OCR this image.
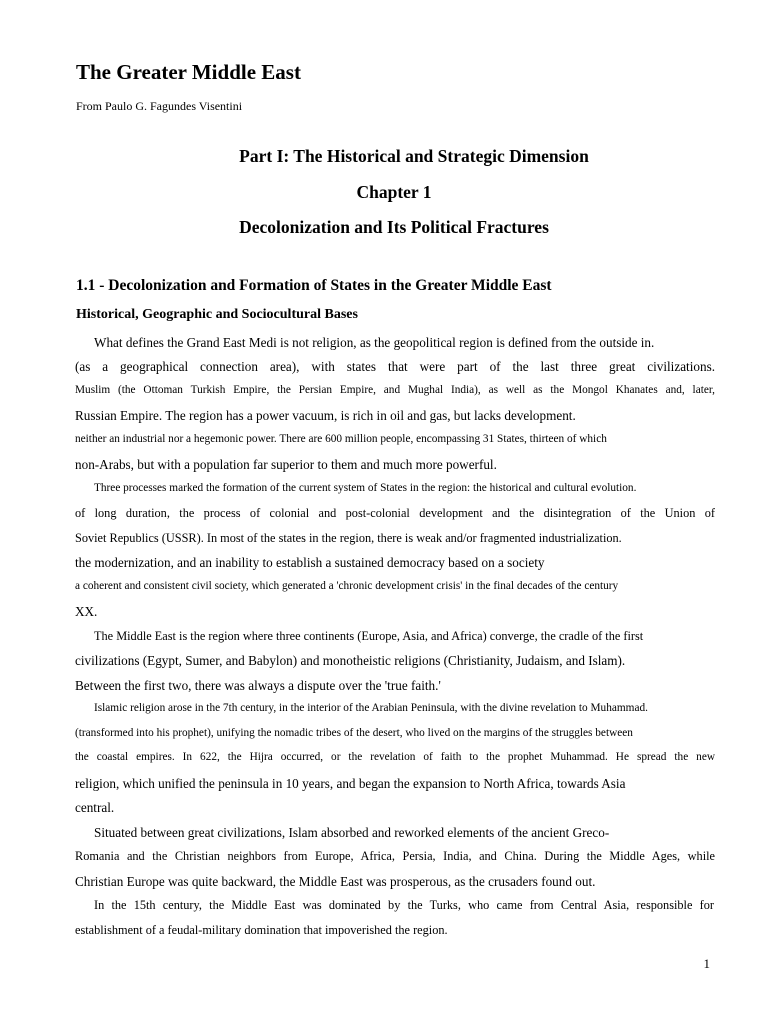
The Greater Middle East
From Paulo G. Fagundes Visentini
Part I: The Historical and Strategic Dimension
Chapter 1
Decolonization and Its Political Fractures
1.1 - Decolonization and Formation of States in the Greater Middle East
Historical, Geographic and Sociocultural Bases
What defines the Grand East Medi is not religion, as the geopolitical region is defined from the outside in.
(as a geographical connection area), with states that were part of the last three great civilizations.
Muslim (the Ottoman Turkish Empire, the Persian Empire, and Mughal India), as well as the Mongol Khanates and, later,
Russian Empire. The region has a power vacuum, is rich in oil and gas, but lacks development.
neither an industrial nor a hegemonic power. There are 600 million people, encompassing 31 States, thirteen of which
non-Arabs, but with a population far superior to them and much more powerful.
Three processes marked the formation of the current system of States in the region: the historical and cultural evolution.
of long duration, the process of colonial and post-colonial development and the disintegration of the Union of
Soviet Republics (USSR). In most of the states in the region, there is weak and/or fragmented industrialization.
the modernization, and an inability to establish a sustained democracy based on a society
a coherent and consistent civil society, which generated a 'chronic development crisis' in the final decades of the century
XX.
The Middle East is the region where three continents (Europe, Asia, and Africa) converge, the cradle of the first
civilizations (Egypt, Sumer, and Babylon) and monotheistic religions (Christianity, Judaism, and Islam).
Between the first two, there was always a dispute over the 'true faith.'
Islamic religion arose in the 7th century, in the interior of the Arabian Peninsula, with the divine revelation to Muhammad.
(transformed into his prophet), unifying the nomadic tribes of the desert, who lived on the margins of the struggles between
the coastal empires. In 622, the Hijra occurred, or the revelation of faith to the prophet Muhammad. He spread the new
religion, which unified the peninsula in 10 years, and began the expansion to North Africa, towards Asia
central.
Situated between great civilizations, Islam absorbed and reworked elements of the ancient Greco-
Romania and the Christian neighbors from Europe, Africa, Persia, India, and China. During the Middle Ages, while
Christian Europe was quite backward, the Middle East was prosperous, as the crusaders found out.
In the 15th century, the Middle East was dominated by the Turks, who came from Central Asia, responsible for
establishment of a feudal-military domination that impoverished the region.
1
